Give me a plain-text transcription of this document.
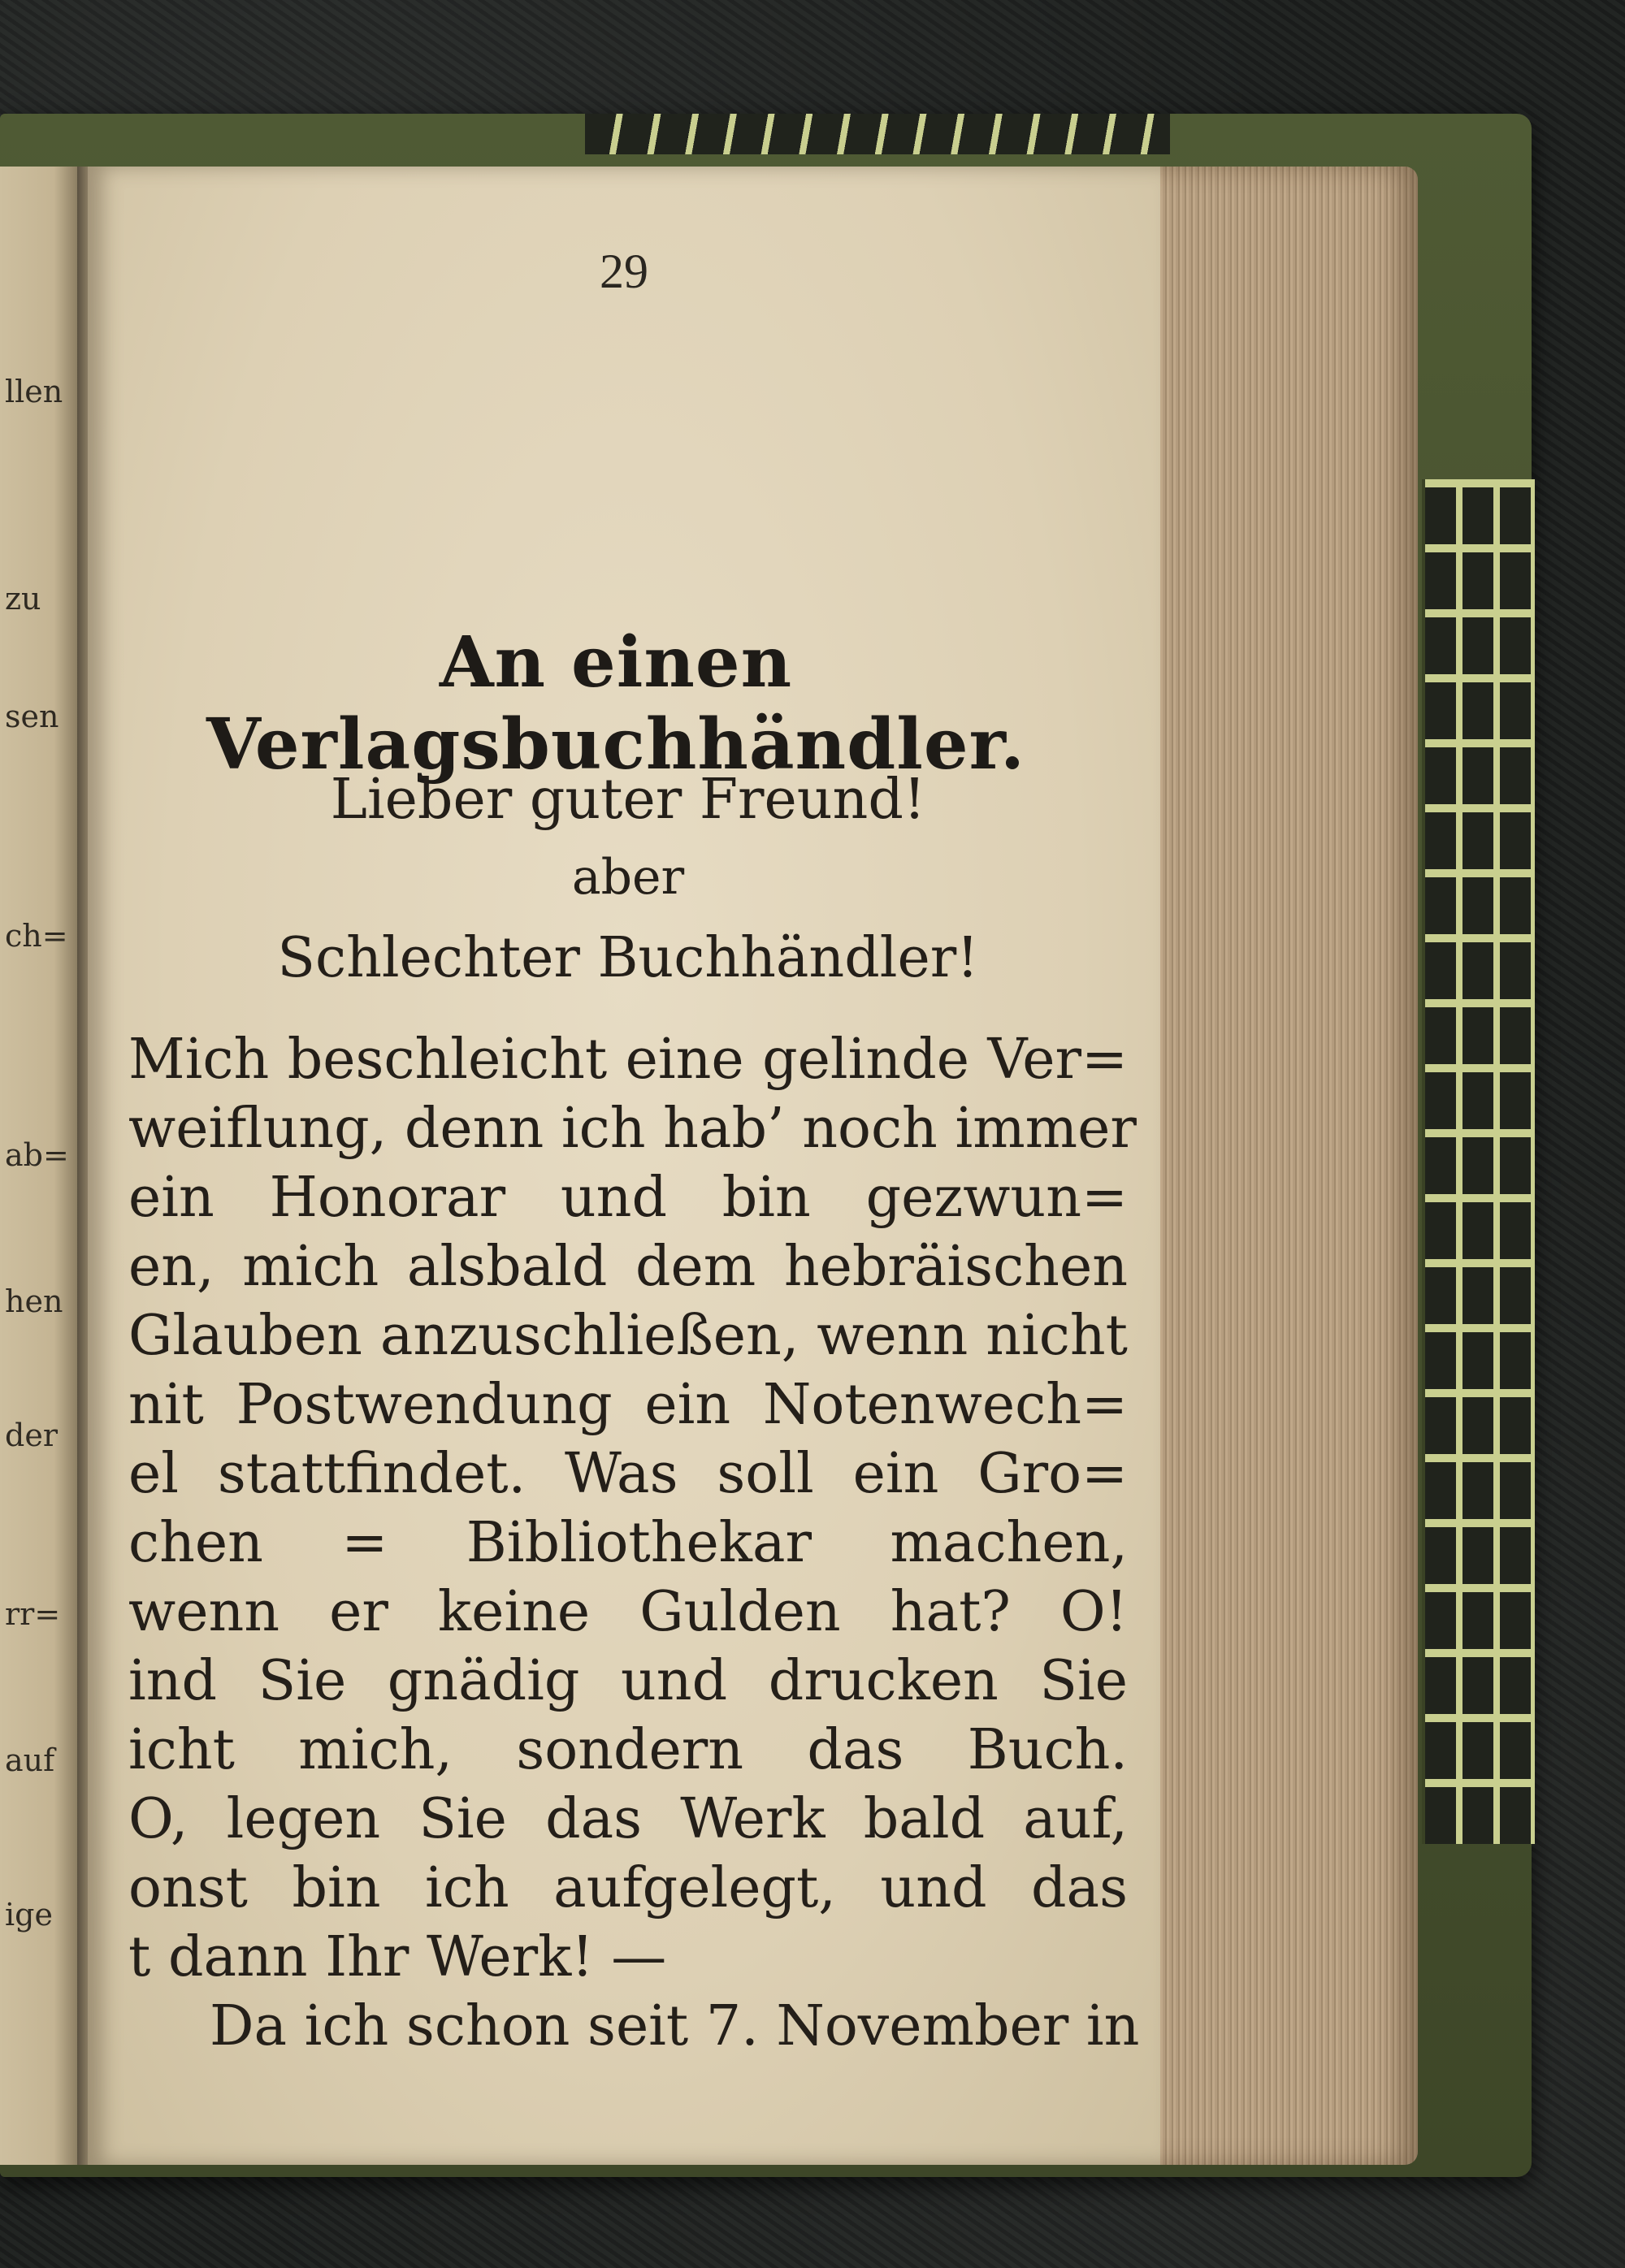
llen
zu
sen
ch=
ab=
hen
der
rr=
auf
ige
29
An einen Verlagsbuchhändler.
Lieber guter Freund!
aber
Schlechter Buchhändler!
Mich beschleicht eine gelinde Ver=
weiflung, denn ich hab’ noch immer
ein Honorar und bin gezwun=
en, mich alsbald dem hebräischen
Glauben anzuschließen, wenn nicht
nit Postwendung ein Notenwech=
el stattfindet. Was soll ein Gro=
chen = Bibliothekar machen,
wenn er keine Gulden hat? O!
ind Sie gnädig und drucken Sie
icht mich, sondern das Buch.
O, legen Sie das Werk bald auf,
onst bin ich aufgelegt, und das
t dann Ihr Werk! —
Da ich schon seit 7. November in
